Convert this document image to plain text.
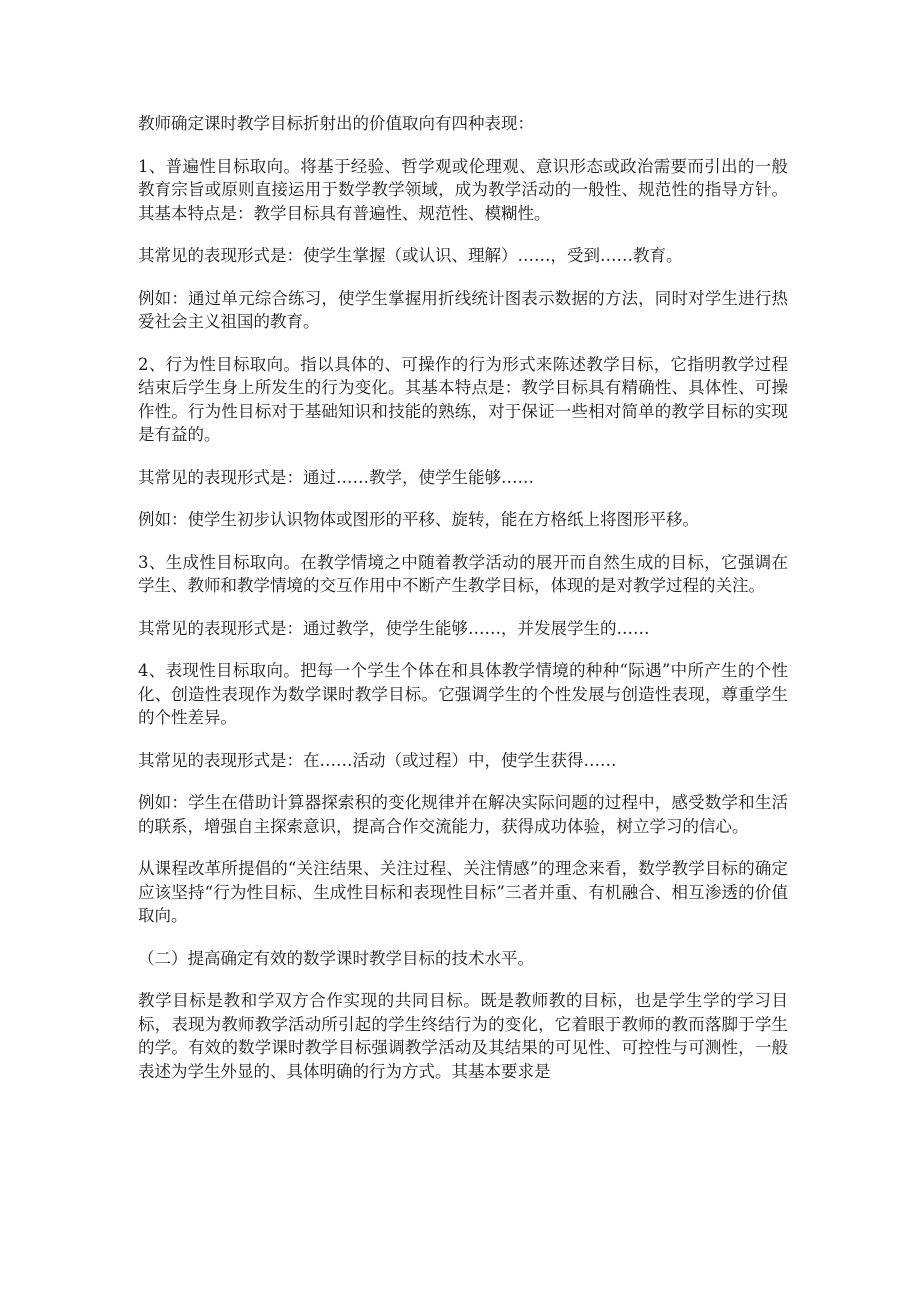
教师确定课时教学目标折射出的价值取向有四种表现：

1、普遍性目标取向。将基于经验、哲学观或伦理观、意识形态或政治需要而引出的一般教育宗旨或原则直接运用于数学教学领域，成为教学活动的一般性、规范性的指导方针。其基本特点是：教学目标具有普遍性、规范性、模糊性。

其常见的表现形式是：使学生掌握（或认识、理解）……，受到……教育。

例如：通过单元综合练习，使学生掌握用折线统计图表示数据的方法，同时对学生进行热爱社会主义祖国的教育。

2、行为性目标取向。指以具体的、可操作的行为形式来陈述教学目标，它指明教学过程结束后学生身上所发生的行为变化。其基本特点是：教学目标具有精确性、具体性、可操作性。行为性目标对于基础知识和技能的熟练，对于保证一些相对简单的教学目标的实现是有益的。

其常见的表现形式是：通过……教学，使学生能够……

例如：使学生初步认识物体或图形的平移、旋转，能在方格纸上将图形平移。

3、生成性目标取向。在教学情境之中随着教学活动的展开而自然生成的目标，它强调在学生、教师和教学情境的交互作用中不断产生教学目标，体现的是对教学过程的关注。

其常见的表现形式是：通过教学，使学生能够……，并发展学生的……

4、表现性目标取向。把每一个学生个体在和具体教学情境的种种“际遇”中所产生的个性化、创造性表现作为数学课时教学目标。它强调学生的个性发展与创造性表现，尊重学生的个性差异。

其常见的表现形式是：在……活动（或过程）中，使学生获得……

例如：学生在借助计算器探索积的变化规律并在解决实际问题的过程中，感受数学和生活的联系，增强自主探索意识，提高合作交流能力，获得成功体验，树立学习的信心。

从课程改革所提倡的“关注结果、关注过程、关注情感”的理念来看，数学教学目标的确定应该坚持“行为性目标、生成性目标和表现性目标”三者并重、有机融合、相互渗透的价值取向。

（二）提高确定有效的数学课时教学目标的技术水平。

教学目标是教和学双方合作实现的共同目标。既是教师教的目标，也是学生学的学习目标，表现为教师教学活动所引起的学生终结行为的变化，它着眼于教师的教而落脚于学生的学。有效的数学课时教学目标强调教学活动及其结果的可见性、可控性与可测性，一般表述为学生外显的、具体明确的行为方式。其基本要求是
